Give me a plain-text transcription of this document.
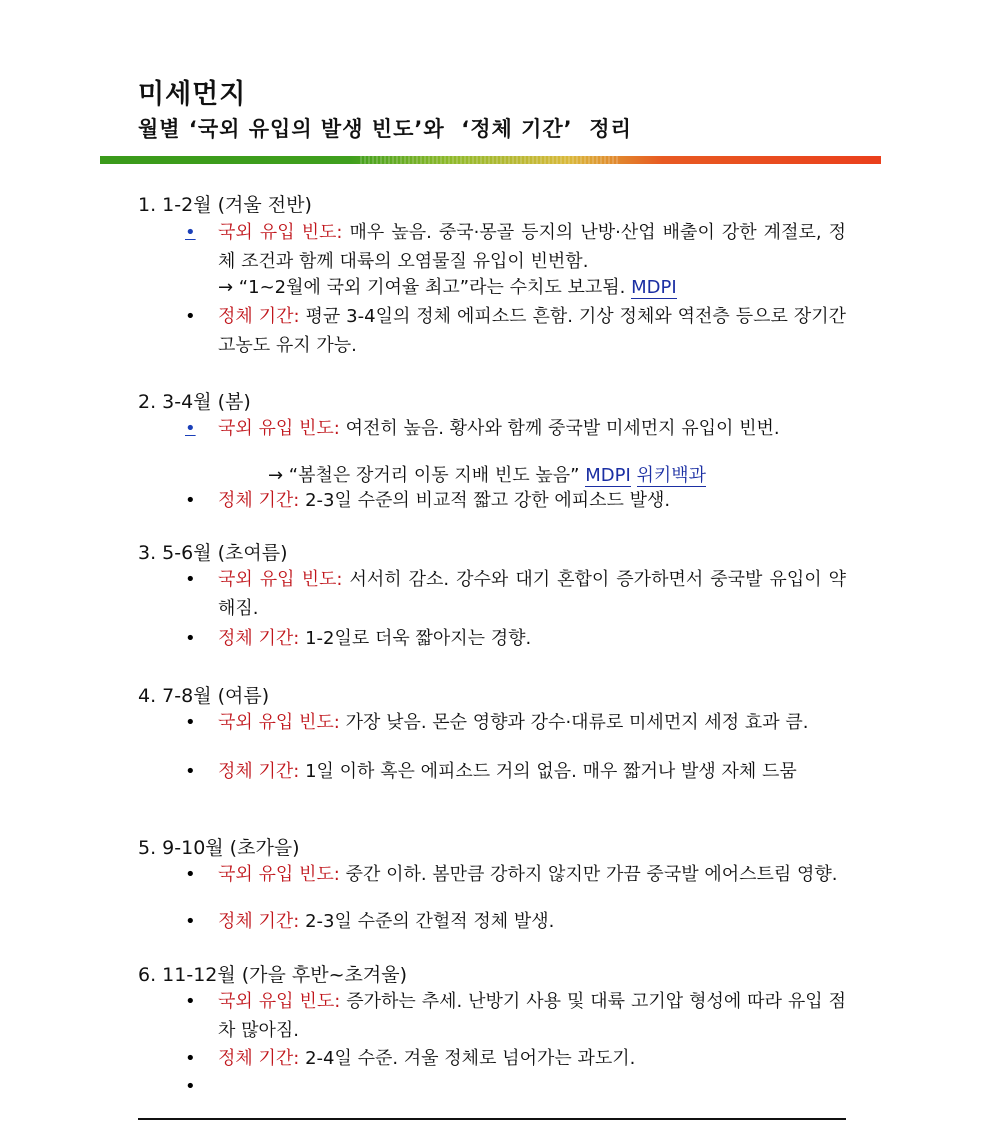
미세먼지
월별 ‘국외 유입의 발생 빈도’와  ‘정체 기간’  정리
1. 1-2월 (겨울 전반)
• 국외 유입 빈도: 매우 높음. 중국·몽골 등지의 난방·산업 배출이 강한 계절로, 정체 조건과 함께 대륙의 오염물질 유입이 빈번함.
→ “1~2월에 국외 기여율 최고”라는 수치도 보고됨. MDPI
• 정체 기간: 평균 3-4일의 정체 에피소드 흔함. 기상 정체와 역전층 등으로 장기간 고농도 유지 가능.
2. 3-4월 (봄)
• 국외 유입 빈도: 여전히 높음. 황사와 함께 중국발 미세먼지 유입이 빈번.
→ “봄철은 장거리 이동 지배 빈도 높음” MDPI 위키백과
• 정체 기간: 2-3일 수준의 비교적 짧고 강한 에피소드 발생.
3. 5-6월 (초여름)
• 국외 유입 빈도: 서서히 감소. 강수와 대기 혼합이 증가하면서 중국발 유입이 약해짐.
• 정체 기간: 1-2일로 더욱 짧아지는 경향.
4. 7-8월 (여름)
• 국외 유입 빈도: 가장 낮음. 몬순 영향과 강수·대류로 미세먼지 세정 효과 큼.
• 정체 기간: 1일 이하 혹은 에피소드 거의 없음. 매우 짧거나 발생 자체 드뭄
5. 9-10월 (초가을)
• 국외 유입 빈도: 중간 이하. 봄만큼 강하지 않지만 가끔 중국발 에어스트림 영향.
• 정체 기간: 2-3일 수준의 간헐적 정체 발생.
6. 11-12월 (가을 후반~초겨울)
• 국외 유입 빈도: 증가하는 추세. 난방기 사용 및 대륙 고기압 형성에 따라 유입 점차 많아짐.
• 정체 기간: 2-4일 수준. 겨울 정체로 넘어가는 과도기.
•
